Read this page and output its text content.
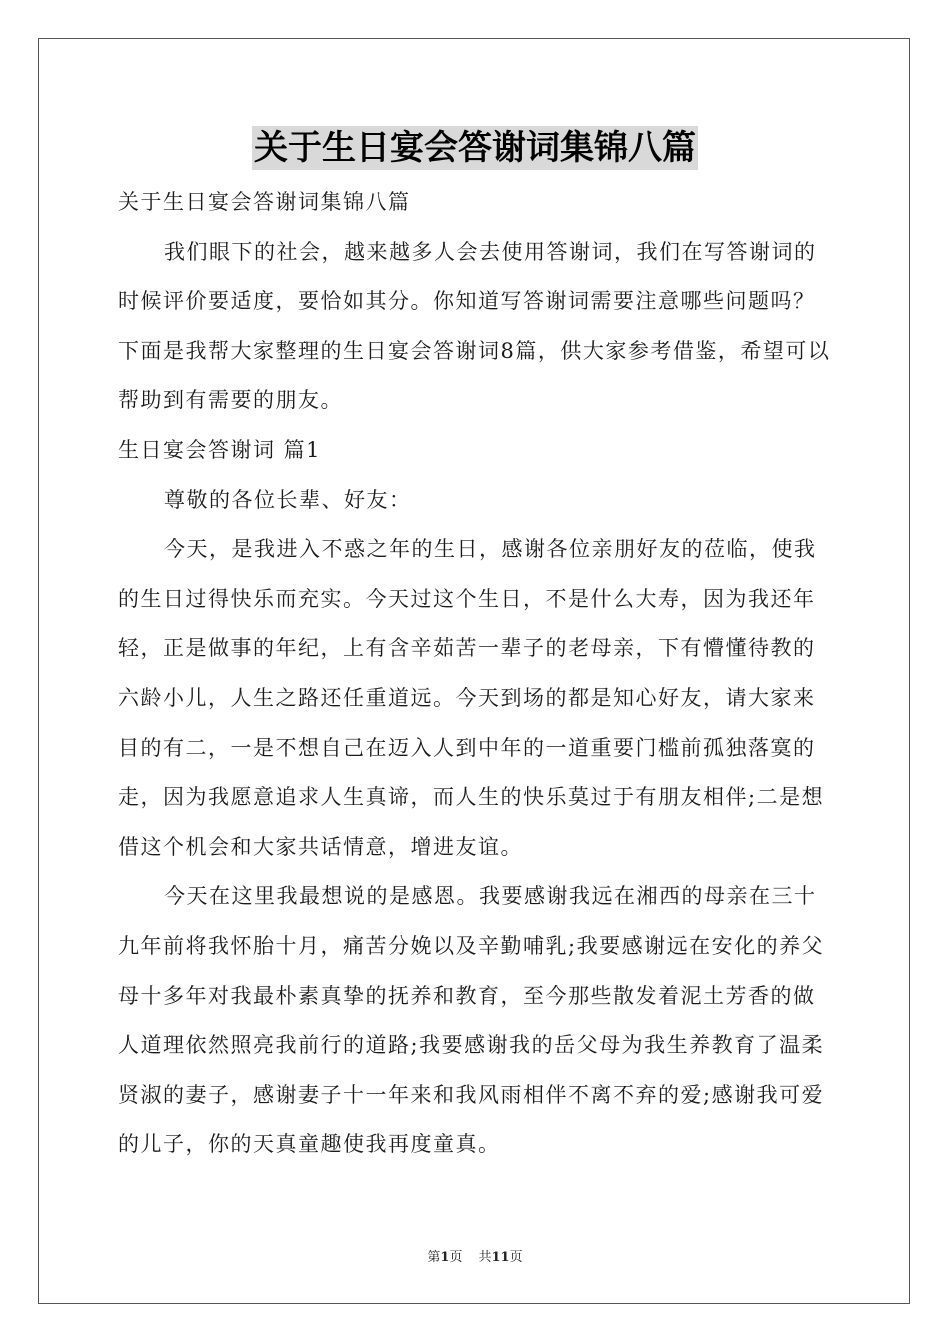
关于生日宴会答谢词集锦八篇

关于生日宴会答谢词集锦八篇

我们眼下的社会，越来越多人会去使用答谢词，我们在写答谢词的时候评价要适度，要恰如其分。你知道写答谢词需要注意哪些问题吗？下面是我帮大家整理的生日宴会答谢词8篇，供大家参考借鉴，希望可以帮助到有需要的朋友。

生日宴会答谢词 篇1

尊敬的各位长辈、好友：

今天，是我进入不惑之年的生日，感谢各位亲朋好友的莅临，使我的生日过得快乐而充实。今天过这个生日，不是什么大寿，因为我还年轻，正是做事的年纪，上有含辛茹苦一辈子的老母亲，下有懵懂待教的六龄小儿，人生之路还任重道远。今天到场的都是知心好友，请大家来目的有二，一是不想自己在迈入人到中年的一道重要门槛前孤独落寞的走，因为我愿意追求人生真谛，而人生的快乐莫过于有朋友相伴;二是想借这个机会和大家共话情意，增进友谊。

今天在这里我最想说的是感恩。我要感谢我远在湘西的母亲在三十九年前将我怀胎十月，痛苦分娩以及辛勤哺乳;我要感谢远在安化的养父母十多年对我最朴素真挚的抚养和教育，至今那些散发着泥土芳香的做人道理依然照亮我前行的道路;我要感谢我的岳父母为我生养教育了温柔贤淑的妻子，感谢妻子十一年来和我风雨相伴不离不弃的爱;感谢我可爱的儿子，你的天真童趣使我再度童真。

第1页 共11页
